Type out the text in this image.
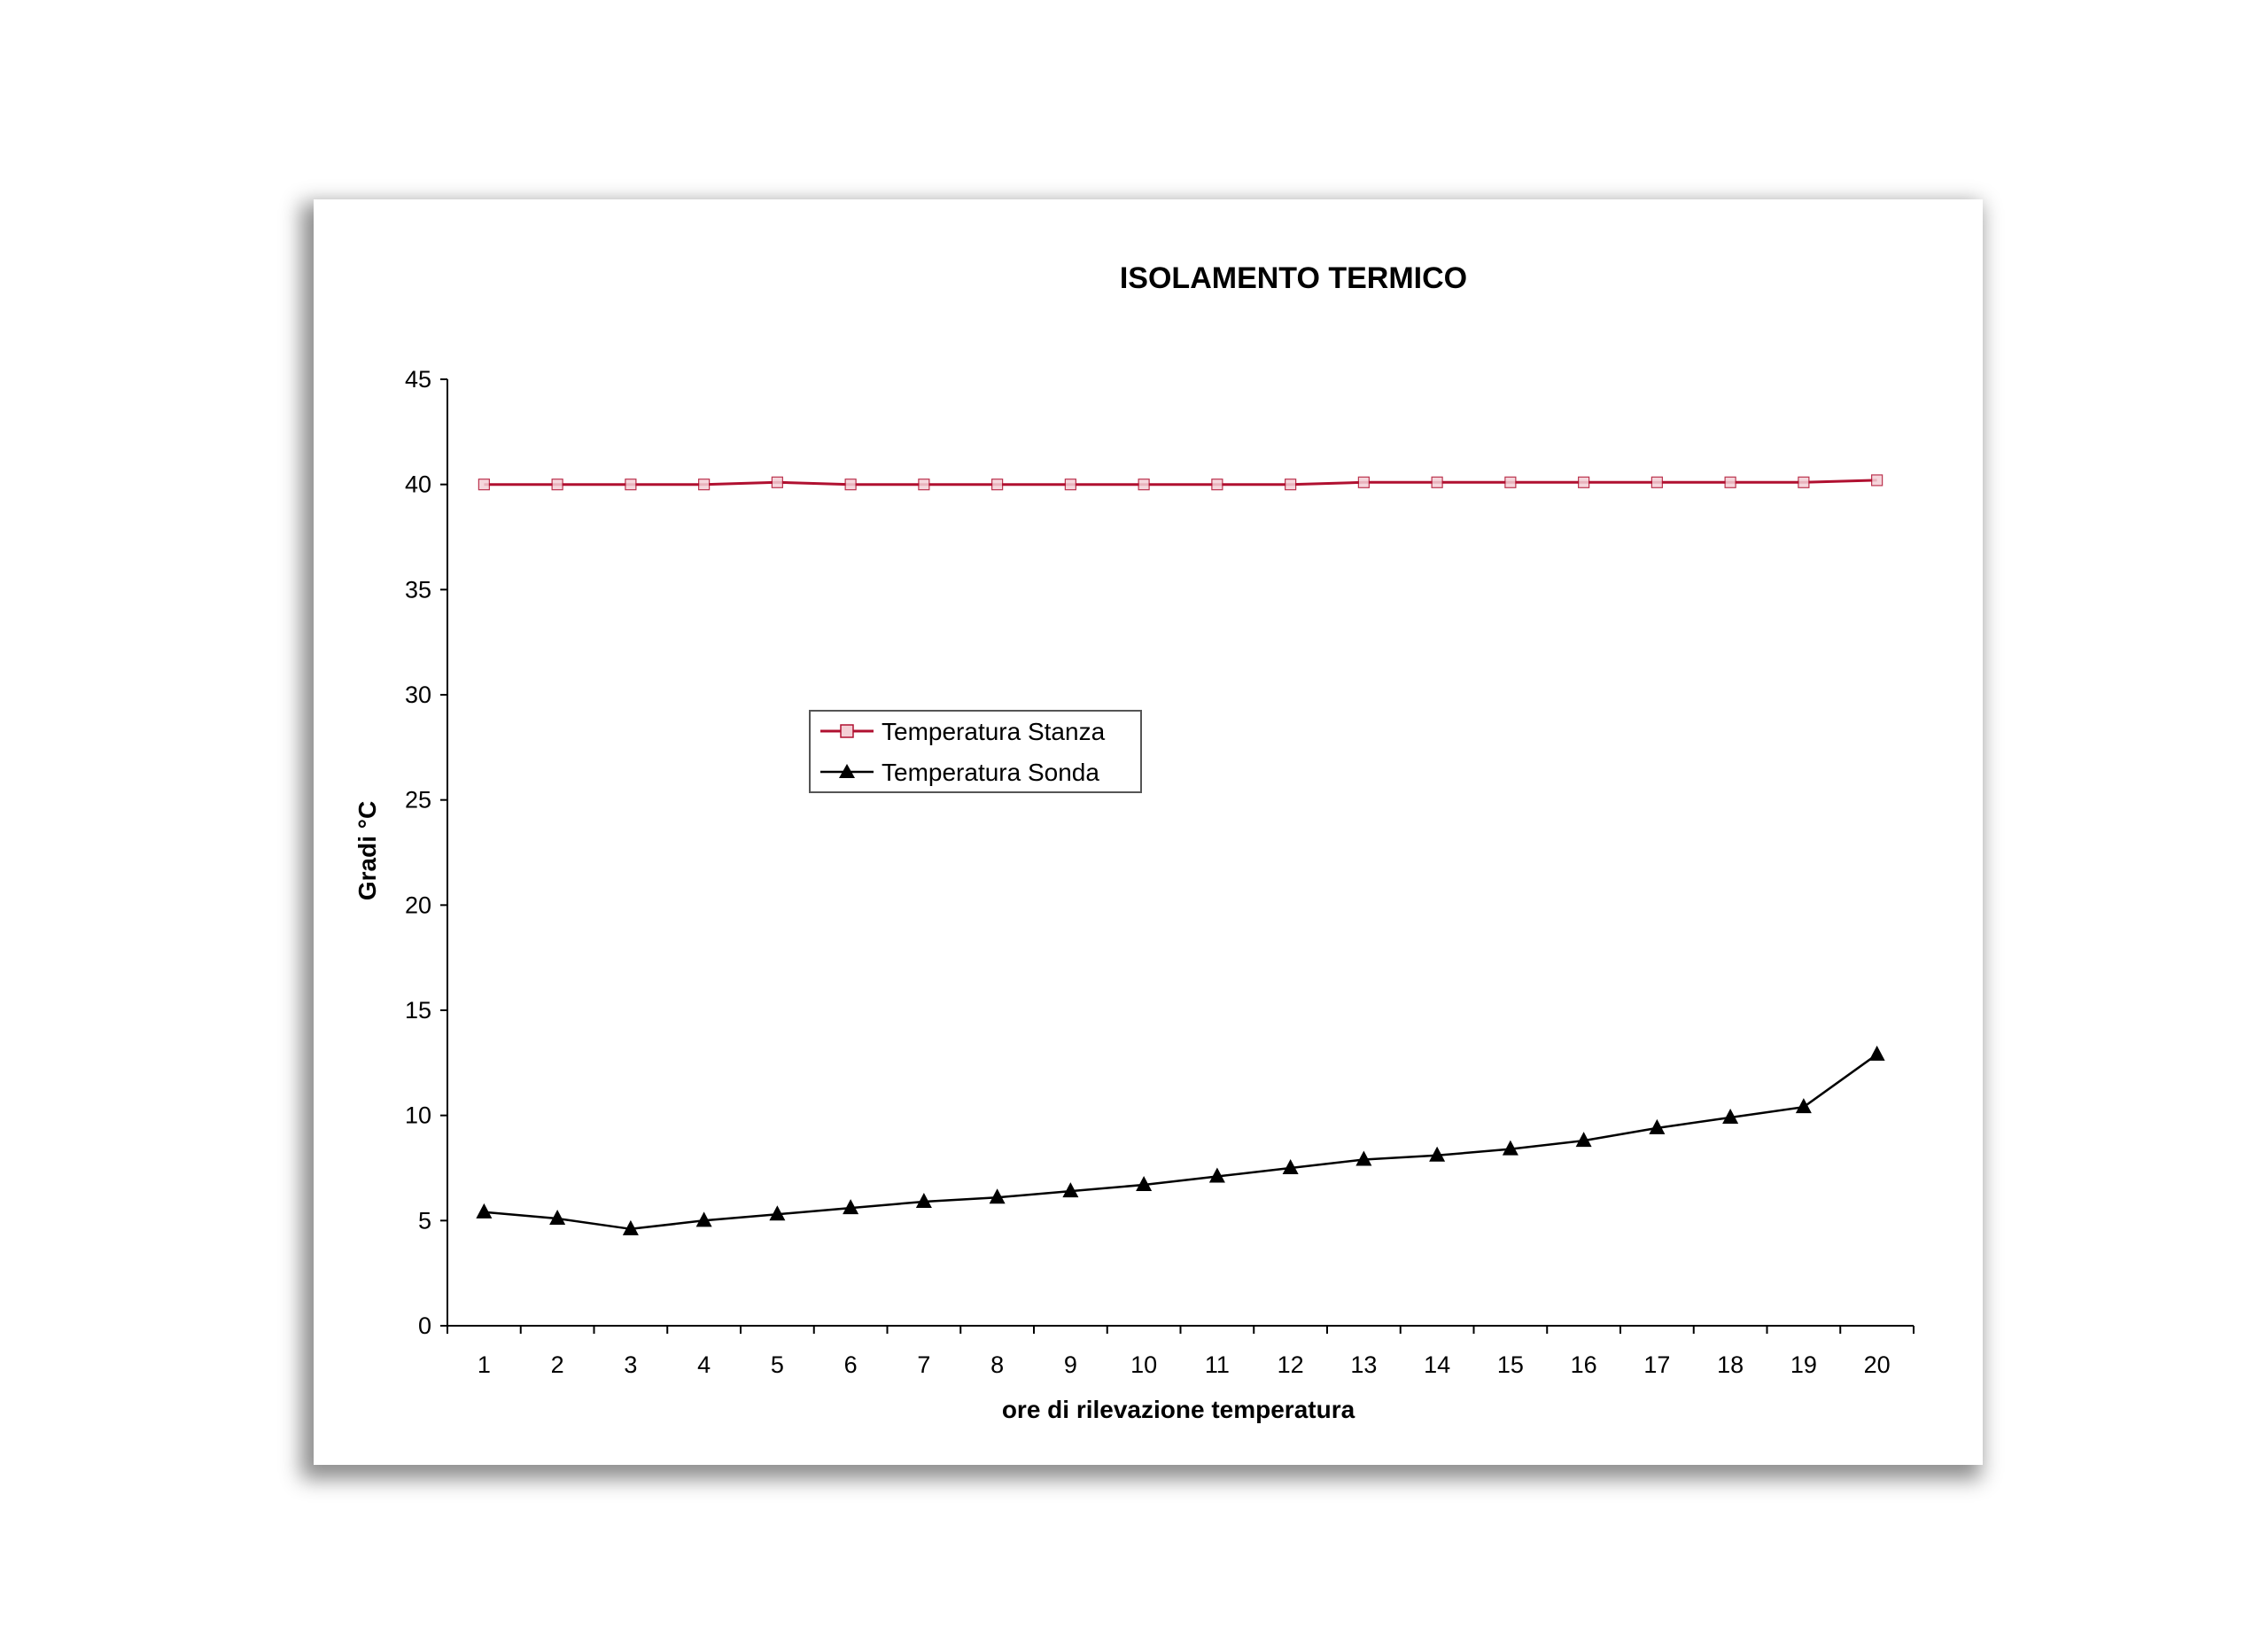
ISOLAMENTO TERMICO
0
5
10
15
20
25
30
35
40
45
1	2	3	4	5	6	7	8	9 10 11 12 13 14 15 16 17 18 19 20
Gradi °C
ore di rilevazione temperatura
Temperatura Stanza
Temperatura Sonda
